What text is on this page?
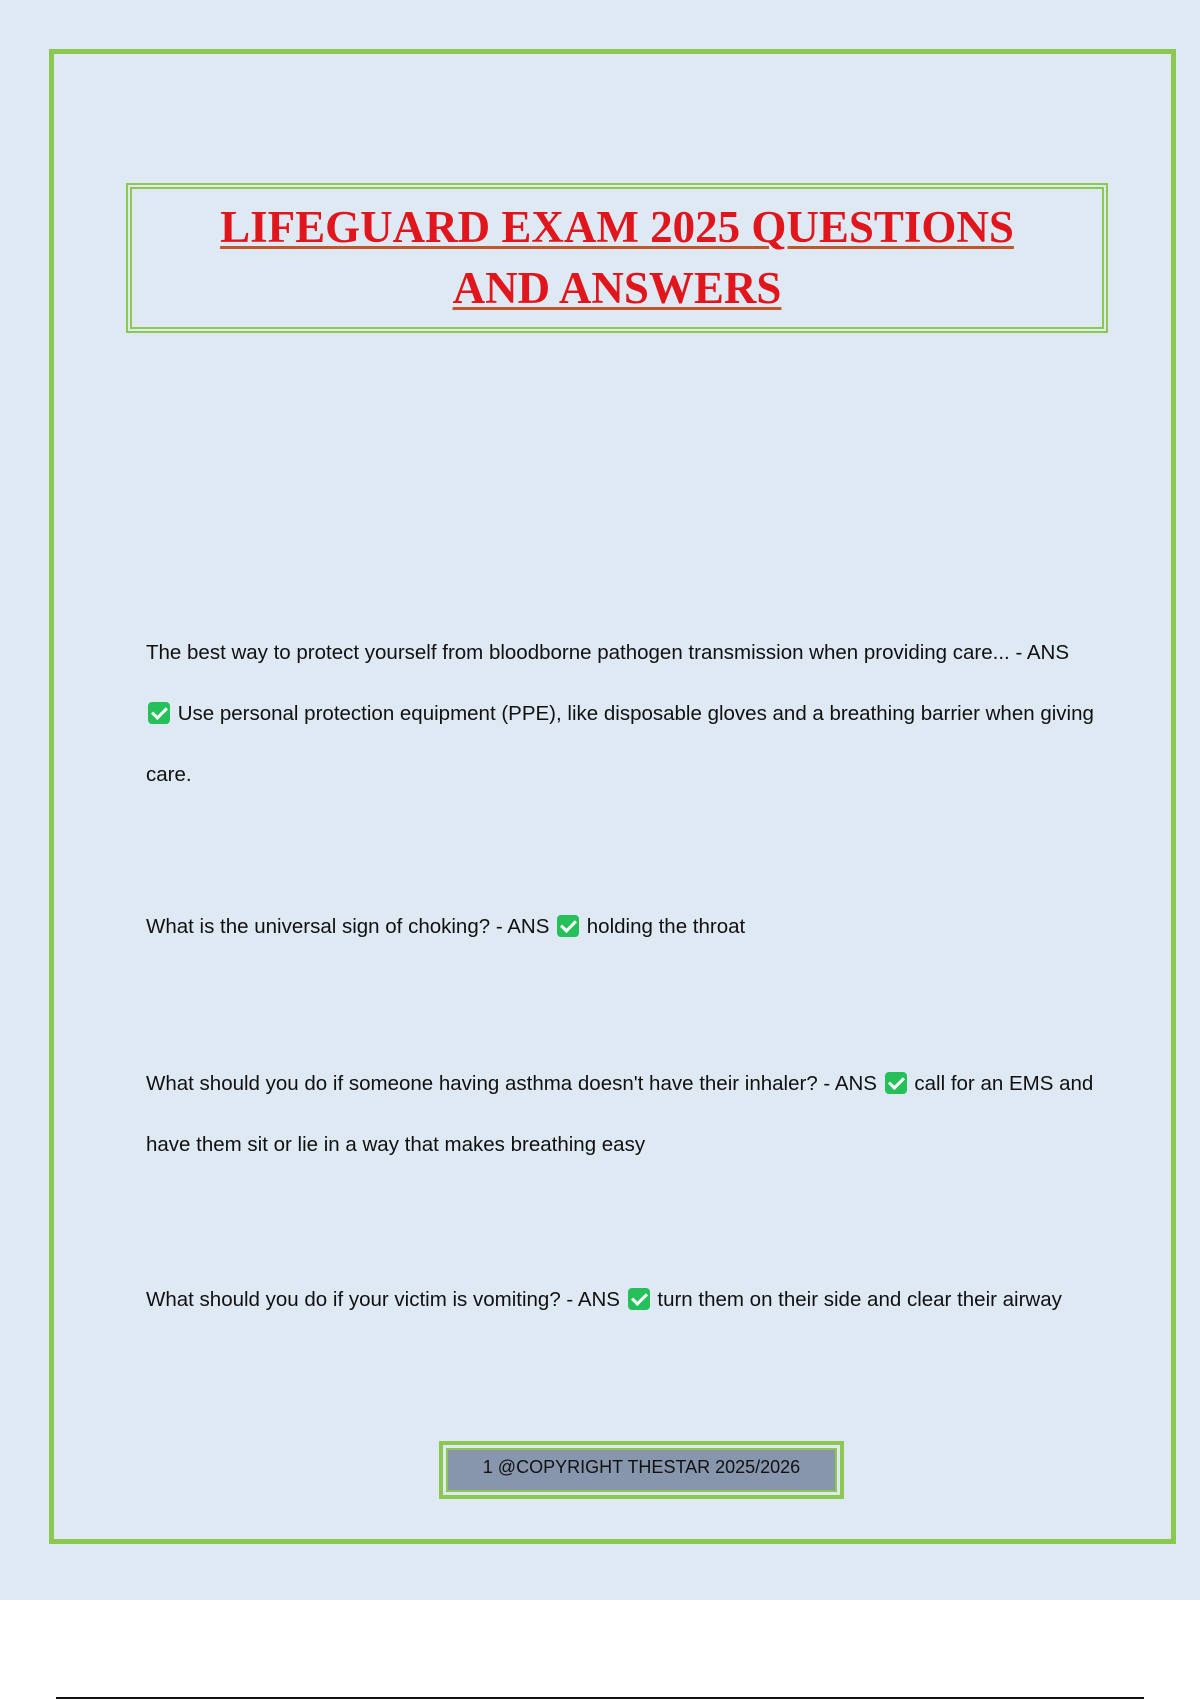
LIFEGUARD EXAM 2025 QUESTIONS
AND ANSWERS

The best way to protect yourself from bloodborne pathogen transmission when providing care... - ANS  Use personal protection equipment (PPE), like disposable gloves and a breathing barrier when giving care.

What is the universal sign of choking? - ANS holding the throat

What should you do if someone having asthma doesn't have their inhaler? - ANS call for an EMS and have them sit or lie in a way that makes breathing easy

What should you do if your victim is vomiting? - ANS turn them on their side and clear their airway

1 @COPYRIGHT THESTAR 2025/2026
